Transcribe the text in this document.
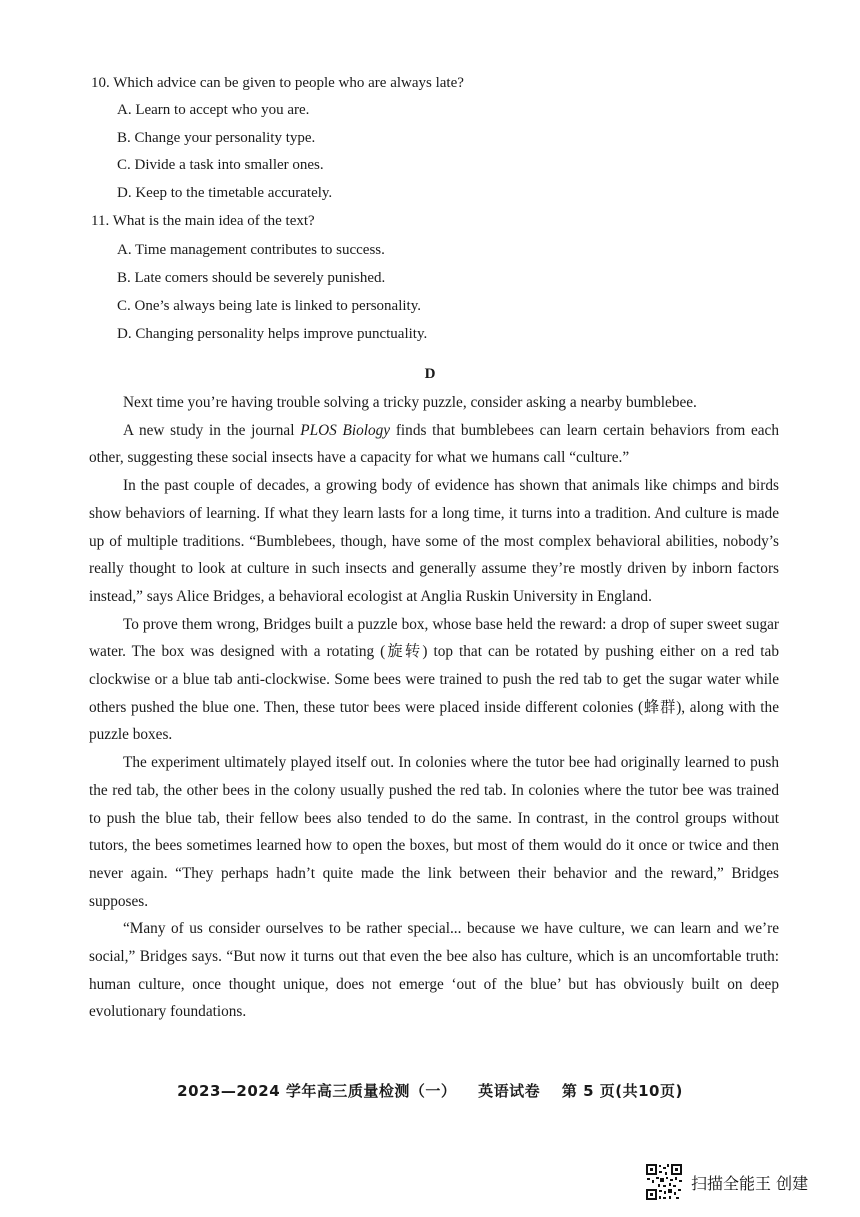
10. Which advice can be given to people who are always late?
A. Learn to accept who you are.
B. Change your personality type.
C. Divide a task into smaller ones.
D. Keep to the timetable accurately.
11. What is the main idea of the text?
A. Time management contributes to success.
B. Late comers should be severely punished.
C. One’s always being late is linked to personality.
D. Changing personality helps improve punctuality.
D

Next time you’re having trouble solving a tricky puzzle, consider asking a nearby bumblebee.

A new study in the journal PLOS Biology finds that bumblebees can learn certain behaviors from each other, suggesting these social insects have a capacity for what we humans call “culture.”

In the past couple of decades, a growing body of evidence has shown that animals like chimps and birds show behaviors of learning. If what they learn lasts for a long time, it turns into a tradition. And culture is made up of multiple traditions. “Bumblebees, though, have some of the most complex behavioral abilities, nobody’s really thought to look at culture in such insects and generally assume they’re mostly driven by inborn factors instead,” says Alice Bridges, a behavioral ecologist at Anglia Ruskin University in England.

To prove them wrong, Bridges built a puzzle box, whose base held the reward: a drop of super sweet sugar water. The box was designed with a rotating (旋转) top that can be rotated by pushing either on a red tab clockwise or a blue tab anti-clockwise. Some bees were trained to push the red tab to get the sugar water while others pushed the blue one. Then, these tutor bees were placed inside different colonies (蜂群), along with the puzzle boxes.

The experiment ultimately played itself out. In colonies where the tutor bee had originally learned to push the red tab, the other bees in the colony usually pushed the red tab. In colonies where the tutor bee was trained to push the blue tab, their fellow bees also tended to do the same. In contrast, in the control groups without tutors, the bees sometimes learned how to open the boxes, but most of them would do it once or twice and then never again. “They perhaps hadn’t quite made the link between their behavior and the reward,” Bridges supposes.

“Many of us consider ourselves to be rather special... because we have culture, we can learn and we’re social,” Bridges says. “But now it turns out that even the bee also has culture, which is an uncomfortable truth: human culture, once thought unique, does not emerge ‘out of the blue’ but has obviously built on deep evolutionary foundations.

2023—2024 学年高三质量检测（一） 英语试卷 第 5 页(共10页)
扫描全能王 创建
